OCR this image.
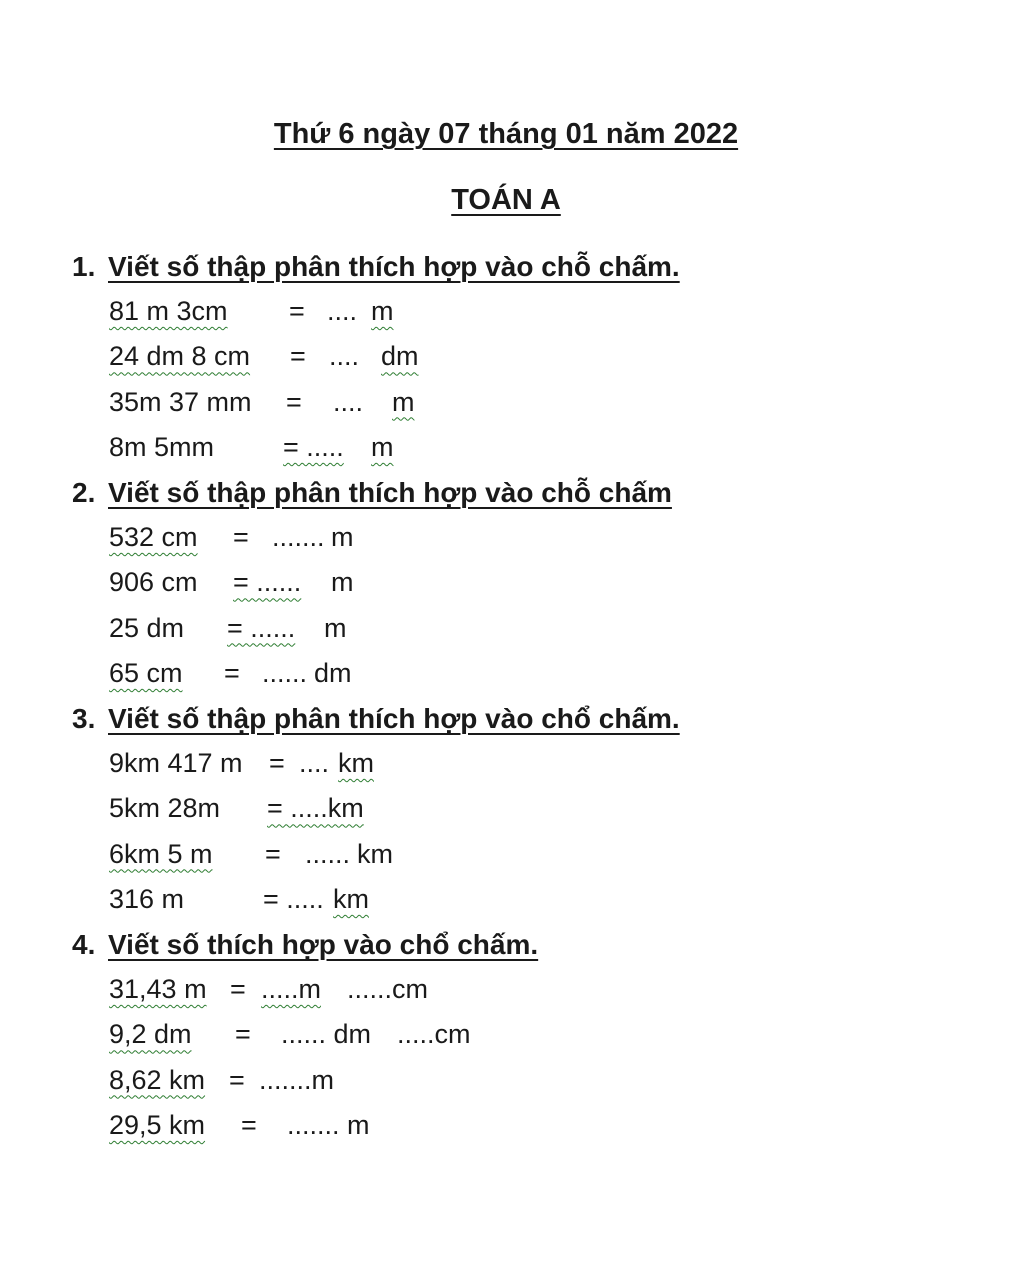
Thứ 6 ngày 07 tháng 01 năm 2022
TOÁN A
1. Viết số thập phân thích hợp vào chỗ chấm.
81 m 3cm = .... m
24 dm 8 cm = .... dm
35m 37 mm = .... m
8m 5mm	= ..... m
2. Viết số thập phân thích hợp vào chỗ chấm
532 cm = ....... m
906 cm = ...... m
25 dm = ...... m
65 cm = ...... dm
3. Viết số thập phân thích hợp vào chổ chấm.
9km 417 m = .... km
5km 28m = .....km
6km 5 m = ...... km
316 m	= ..... km
4. Viết số thích hợp vào chổ chấm.
31,43 m = .....m ......cm
9,2 dm = ...... dm .....cm
8,62 km = .......m
29,5 km = ....... m
